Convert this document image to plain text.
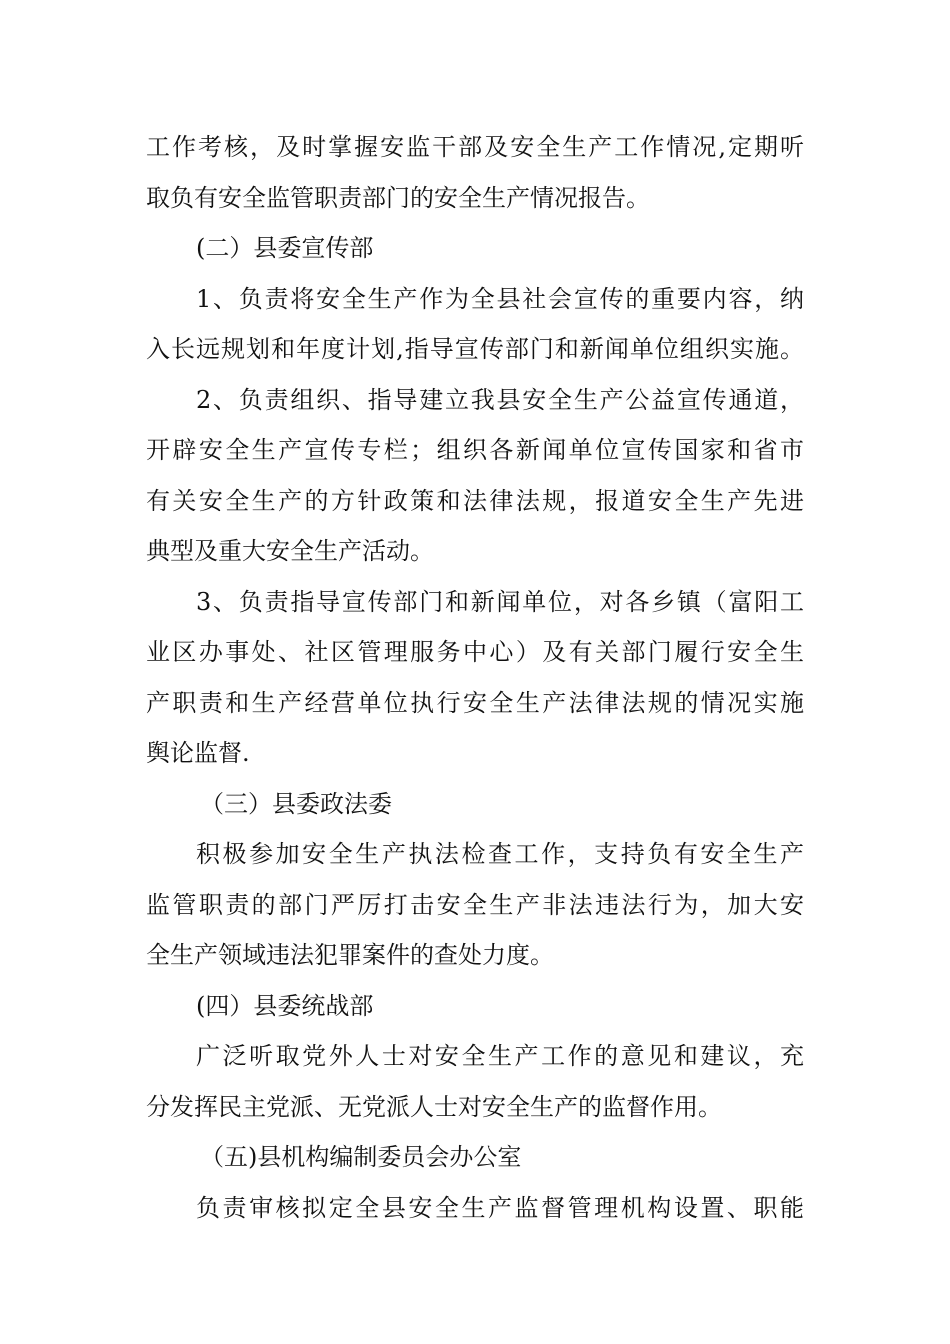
工作考核，及时掌握安监干部及安全生产工作情况,定期听
取负有安全监管职责部门的安全生产情况报告。
(二）县委宣传部
1、负责将安全生产作为全县社会宣传的重要内容，纳
入长远规划和年度计划,指导宣传部门和新闻单位组织实施。
2、负责组织、指导建立我县安全生产公益宣传通道，
开辟安全生产宣传专栏；组织各新闻单位宣传国家和省市
有关安全生产的方针政策和法律法规，报道安全生产先进
典型及重大安全生产活动。
3、负责指导宣传部门和新闻单位，对各乡镇（富阳工
业区办事处、社区管理服务中心）及有关部门履行安全生
产职责和生产经营单位执行安全生产法律法规的情况实施
舆论监督.
（三）县委政法委
积极参加安全生产执法检查工作，支持负有安全生产
监管职责的部门严厉打击安全生产非法违法行为，加大安
全生产领域违法犯罪案件的查处力度。
(四）县委统战部
广泛听取党外人士对安全生产工作的意见和建议，充
分发挥民主党派、无党派人士对安全生产的监督作用。
（五)县机构编制委员会办公室
负责审核拟定全县安全生产监督管理机构设置、职能
